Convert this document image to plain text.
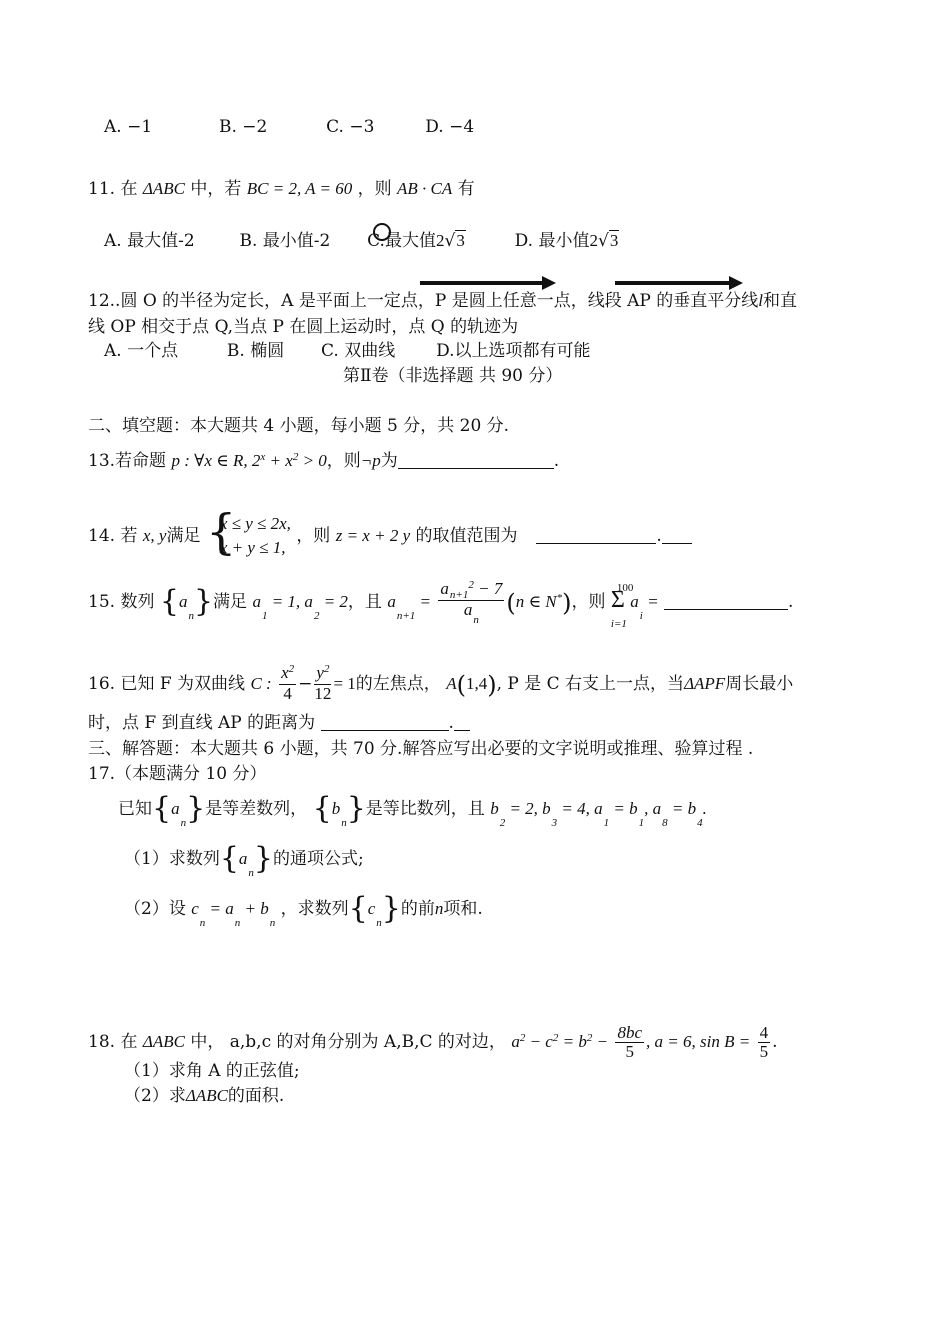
A. −1	B. −2	C. −3	D. −4
11. 在 ΔABC 中，若 BC = 2, A = 60 ，则 AB · CA 有
A. 最大值-2	B. 最小值-2 C.最大值2√3	D. 最小值2√3
12..圆 O 的半径为定长，A 是平面上一定点，P 是圆上任意一点，线段 AP 的垂直平分线l和直
线 OP 相交于点 Q,当点 P 在圆上运动时，点 Q 的轨迹为
A. 一个点	B. 椭圆 C. 双曲线 D.以上选项都有可能
第Ⅱ卷（非选择题 共 90 分）
二、填空题：本大题共 4 小题，每小题 5 分，共 20 分.
13.若命题 p : ∀x ∈ R, $2^x + x^2 > 0$，则¬p为	.
14. 若 x, y满足 {
x ≤ y ≤ 2x,
x + y ≤ 1,
，则 z = x + 2 y 的取值范围为	.
15. 数列 $\{a_n\}$满足 $a_1 = 1$, $a_2 = 2$，且 $a_{n+1} = \frac{a_{n+1}^2 - 7}{a_n} (n$ ∈ N*)，则
100
Σ
i=1
$a_i$ =	.
16. 已知 F 为双曲线 C : $\frac{x^2}{4} - \frac{y^2}{12} = 1$的左焦点， A(1,4), P 是 C 右支上一点，当ΔAPF周长最小
时，点 F 到直线 AP 的距离为	.
三、解答题：本大题共 6 小题，共 70 分.解答应写出必要的文字说明或推理、验算过程 .
17.（本题满分 10 分）
已知$\{a_n\}$是等差数列， $\{b_n\}$是等比数列，且 $b_2 = 2$, $b_3 = 4$, $a_1 = b_1$, $a_8 = b_4$.
（1）求数列$\{a_n\}$的通项公式;
（2）设 $c_n = a_n + b_n$ ，求数列$\{c_n\}$的前n项和.
18. 在 ΔABC 中， a,b,c 的对角分别为 A,B,C 的对边， $a^2 - c^2 = b^2 - \frac{8bc}{5}$ , a = 6, $\sin B = \frac{4}{5}$ .
（1）求角 A 的正弦值;
（2）求ΔABC的面积.
